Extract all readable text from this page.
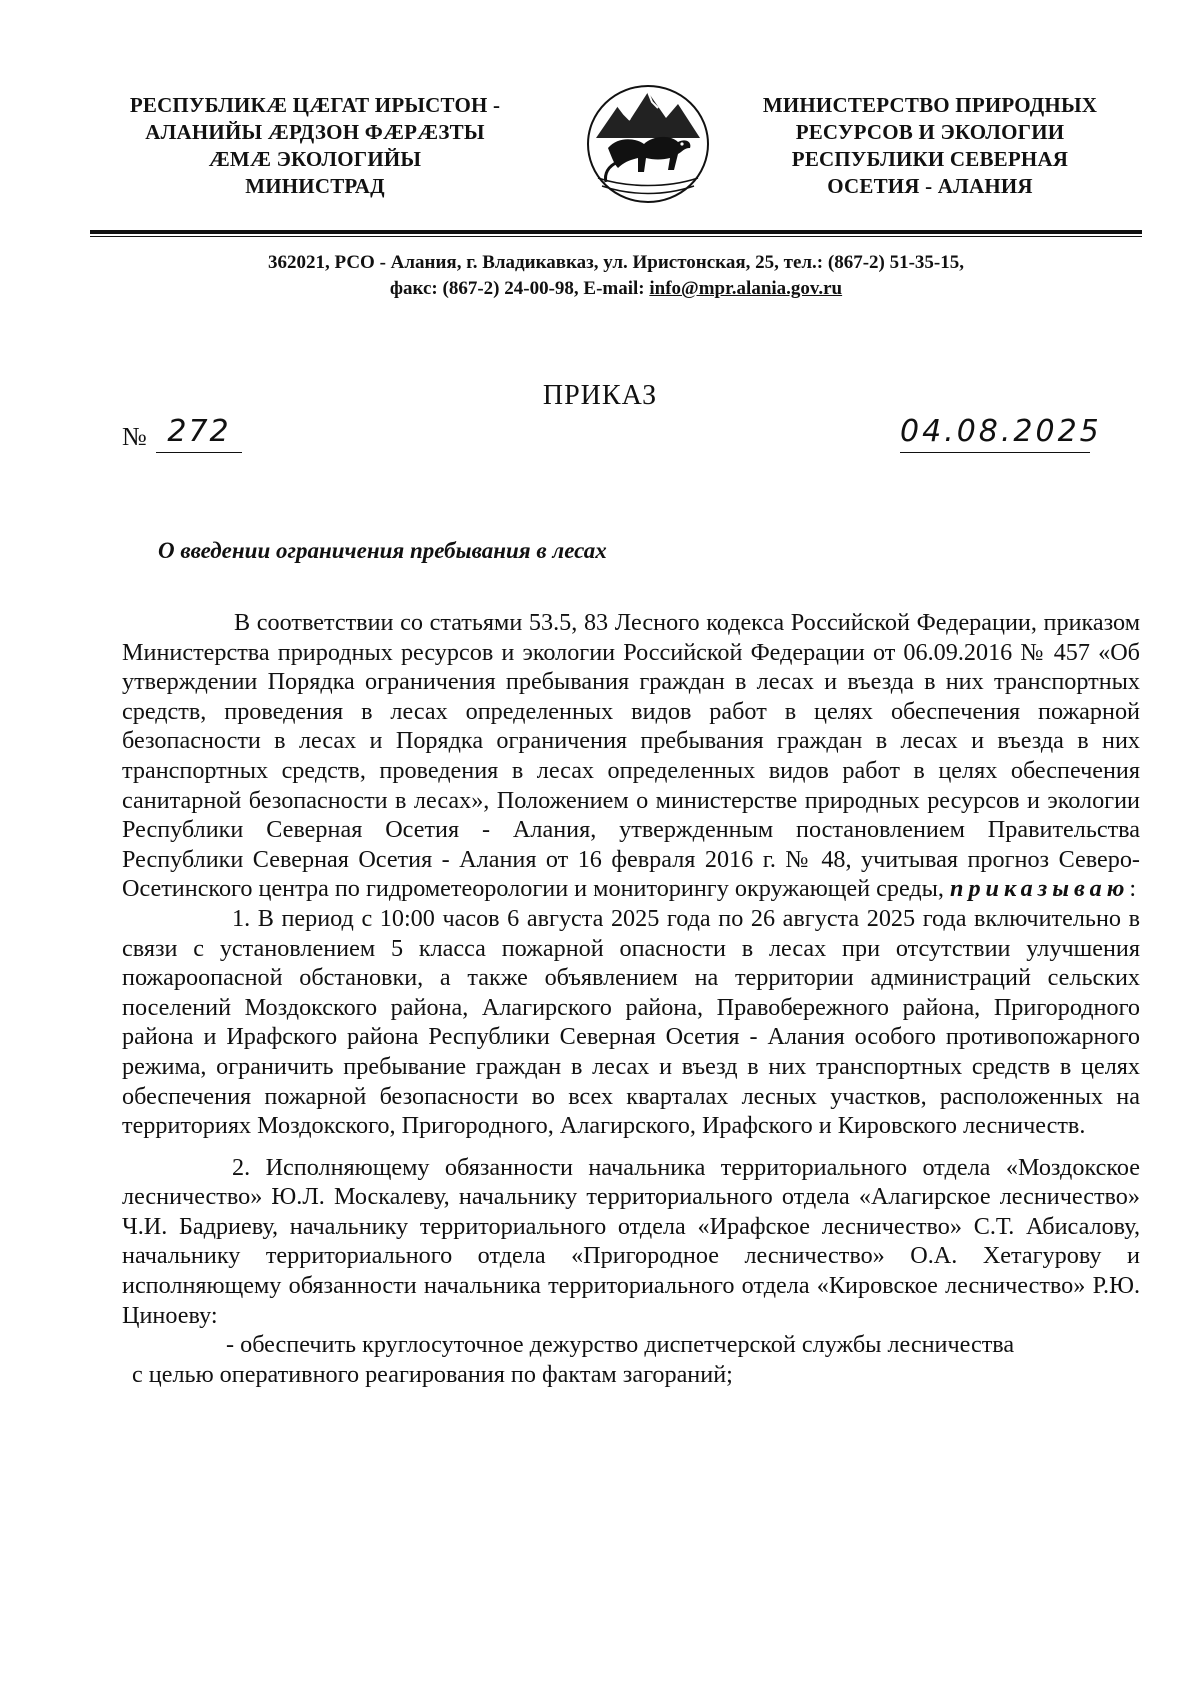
РЕСПУБЛИКÆ ЦÆГАТ ИРЫСТОН -
АЛАНИЙЫ ÆРДЗОН ФÆРÆЗТЫ
ÆМÆ ЭКОЛОГИЙЫ
МИНИСТРАД
МИНИСТЕРСТВО ПРИРОДНЫХ
РЕСУРСОВ И ЭКОЛОГИИ
РЕСПУБЛИКИ СЕВЕРНАЯ
ОСЕТИЯ - АЛАНИЯ
362021, РСО - Алания, г. Владикавказ, ул. Иристонская, 25, тел.: (867-2) 51-35-15,
факс: (867-2) 24-00-98, E-mail: info@mpr.alania.gov.ru
ПРИКАЗ
№ 272	04.08.2025
О введении ограничения пребывания в лесах

В соответствии со статьями 53.5, 83 Лесного кодекса Российской Федерации, приказом Министерства природных ресурсов и экологии Российской Федерации от 06.09.2016 № 457 «Об утверждении Порядка ограничения пребывания граждан в лесах и въезда в них транспортных средств, проведения в лесах определенных видов работ в целях обеспечения пожарной безопасности в лесах и Порядка ограничения пребывания граждан в лесах и въезда в них транспортных средств, проведения в лесах определенных видов работ в целях обеспечения санитарной безопасности в лесах», Положением о министерстве природных ресурсов и экологии Республики Северная Осетия - Алания, утвержденным постановлением Правительства Республики Северная Осетия - Алания от 16 февраля 2016 г. № 48, учитывая прогноз Северо-Осетинского центра по гидрометеорологии и мониторингу окружающей среды, приказываю:

1. В период с 10:00 часов 6 августа 2025 года по 26 августа 2025 года включительно в связи с установлением 5 класса пожарной опасности в лесах при отсутствии улучшения пожароопасной обстановки, а также объявлением на территории администраций сельских поселений Моздокского района, Алагирского района, Правобережного района, Пригородного района и Ирафского района Республики Северная Осетия - Алания особого противопожарного режима, ограничить пребывание граждан в лесах и въезд в них транспортных средств в целях обеспечения пожарной безопасности во всех кварталах лесных участков, расположенных на территориях Моздокского, Пригородного, Алагирского, Ирафского и Кировского лесничеств.

2. Исполняющему обязанности начальника территориального отдела «Моздокское лесничество» Ю.Л. Москалеву, начальнику территориального отдела «Алагирское лесничество» Ч.И. Бадриеву, начальнику территориального отдела «Ирафское лесничество» С.Т. Абисалову, начальнику территориального отдела «Пригородное лесничество» О.А. Хетагурову и исполняющему обязанности начальника территориального отдела «Кировское лесничество» Р.Ю. Циноеву:

- обеспечить круглосуточное дежурство диспетчерской службы лесничества

с целью оперативного реагирования по фактам загораний;
